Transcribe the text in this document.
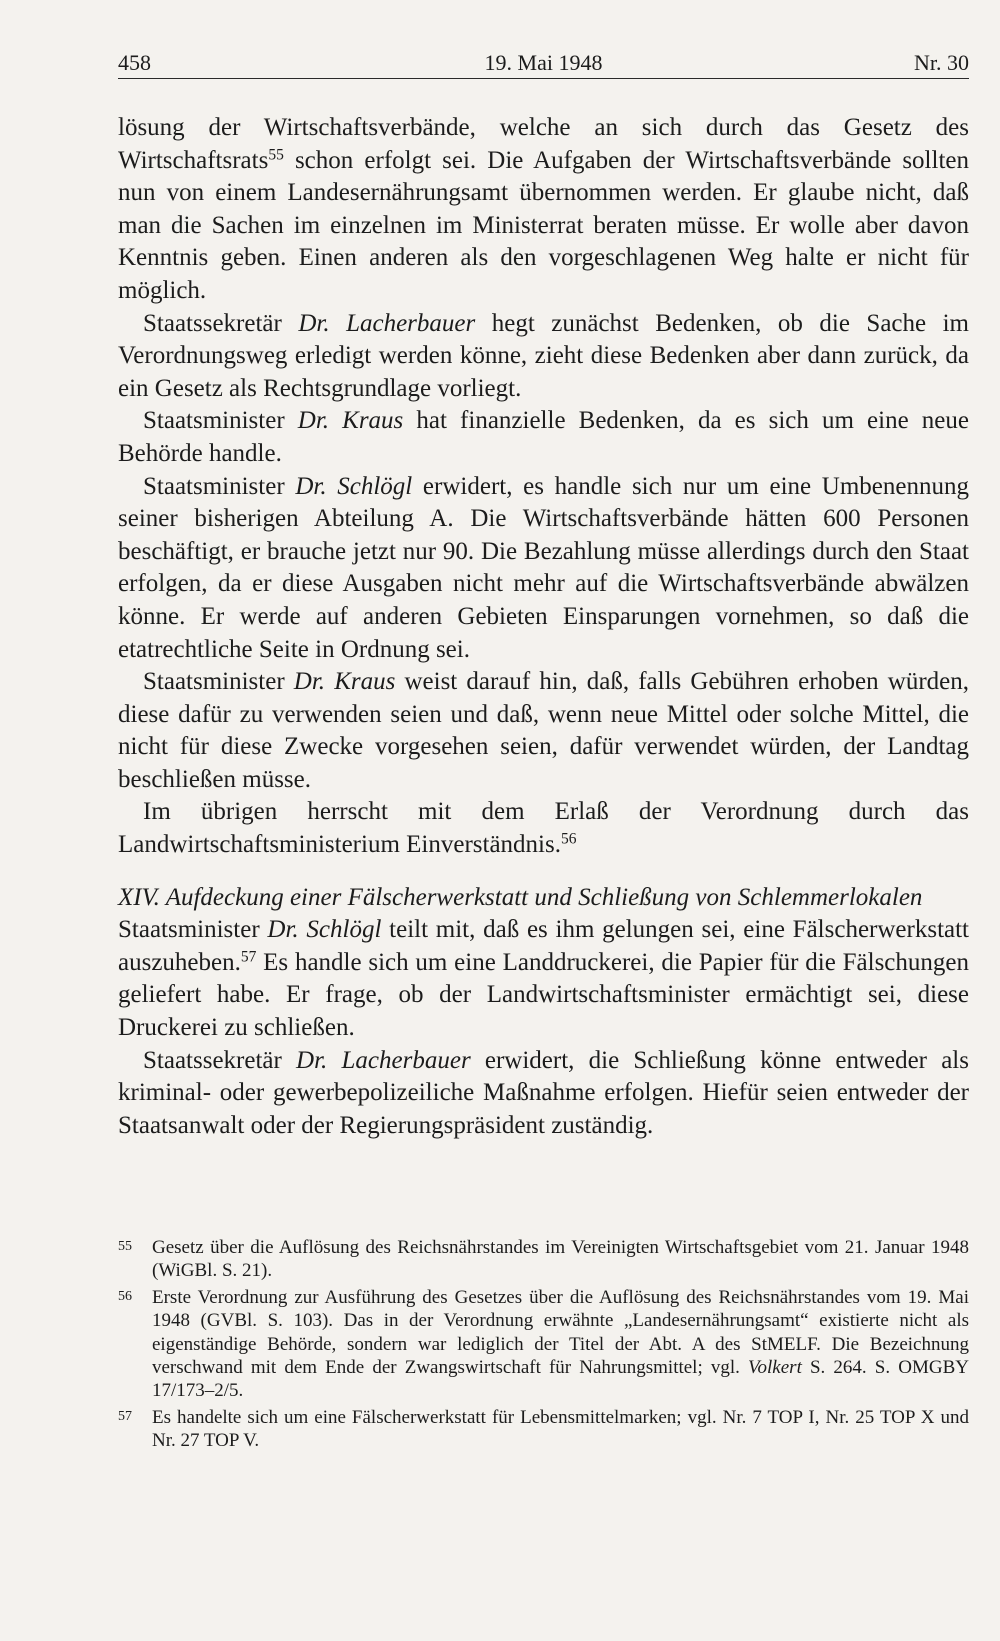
458	19. Mai 1948	Nr. 30

lösung der Wirtschaftsverbände, welche an sich durch das Gesetz des Wirtschaftsrats$^{55}$ schon erfolgt sei. Die Aufgaben der Wirtschaftsverbände sollten nun von einem Landesernährungsamt übernommen werden. Er glaube nicht, daß man die Sachen im einzelnen im Ministerrat beraten müsse. Er wolle aber davon Kenntnis geben. Einen anderen als den vorgeschlagenen Weg halte er nicht für möglich.

Staatssekretär Dr. Lacherbauer hegt zunächst Bedenken, ob die Sache im Verordnungsweg erledigt werden könne, zieht diese Bedenken aber dann zurück, da ein Gesetz als Rechtsgrundlage vorliegt.

Staatsminister Dr. Kraus hat finanzielle Bedenken, da es sich um eine neue Behörde handle.

Staatsminister Dr. Schlögl erwidert, es handle sich nur um eine Umbenennung seiner bisherigen Abteilung A. Die Wirtschaftsverbände hätten 600 Personen beschäftigt, er brauche jetzt nur 90. Die Bezahlung müsse allerdings durch den Staat erfolgen, da er diese Ausgaben nicht mehr auf die Wirtschaftsverbände abwälzen könne. Er werde auf anderen Gebieten Einsparungen vornehmen, so daß die etatrechtliche Seite in Ordnung sei.

Staatsminister Dr. Kraus weist darauf hin, daß, falls Gebühren erhoben würden, diese dafür zu verwenden seien und daß, wenn neue Mittel oder solche Mittel, die nicht für diese Zwecke vorgesehen seien, dafür verwendet würden, der Landtag beschließen müsse.

Im übrigen herrscht mit dem Erlaß der Verordnung durch das Landwirtschaftsministerium Einverständnis.$^{56}$

XIV. Aufdeckung einer Fälscherwerkstatt und Schließung von Schlemmerlokalen

Staatsminister Dr. Schlögl teilt mit, daß es ihm gelungen sei, eine Fälscherwerkstatt auszuheben.$^{57}$ Es handle sich um eine Landdruckerei, die Papier für die Fälschungen geliefert habe. Er frage, ob der Landwirtschaftsminister ermächtigt sei, diese Druckerei zu schließen.

Staatssekretär Dr. Lacherbauer erwidert, die Schließung könne entweder als kriminal- oder gewerbepolizeiliche Maßnahme erfolgen. Hiefür seien entweder der Staatsanwalt oder der Regierungspräsident zuständig.

55 Gesetz über die Auflösung des Reichsnährstandes im Vereinigten Wirtschaftsgebiet vom 21. Januar 1948 (WiGBl. S. 21).
56 Erste Verordnung zur Ausführung des Gesetzes über die Auflösung des Reichsnährstandes vom 19. Mai 1948 (GVBl. S. 103). Das in der Verordnung erwähnte „Landesernährungsamt“ existierte nicht als eigenständige Behörde, sondern war lediglich der Titel der Abt. A des StMELF. Die Bezeichnung verschwand mit dem Ende der Zwangswirtschaft für Nahrungsmittel; vgl. Volkert S. 264. S. OMGBY 17/173–2/5.
57 Es handelte sich um eine Fälscherwerkstatt für Lebensmittelmarken; vgl. Nr. 7 TOP I, Nr. 25 TOP X und Nr. 27 TOP V.
